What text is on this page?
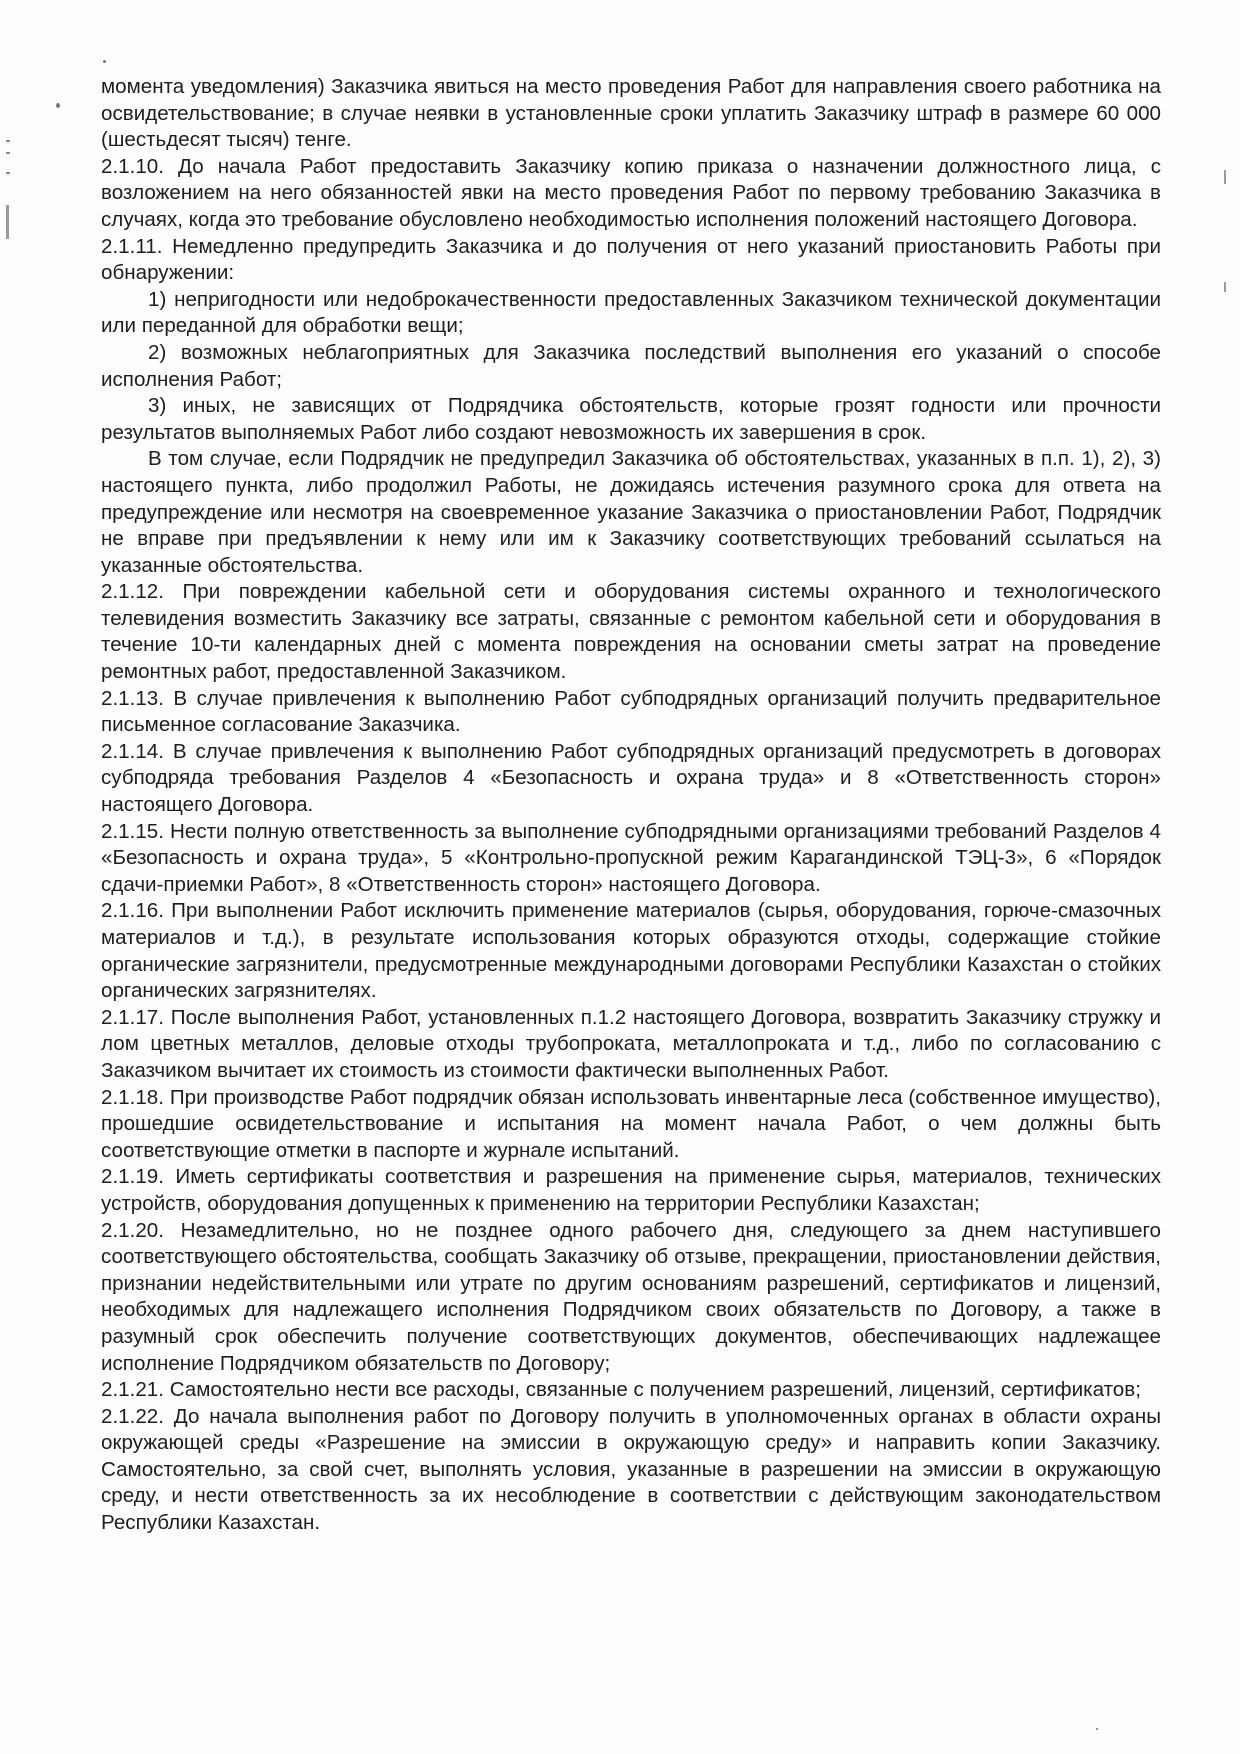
момента уведомления) Заказчика явиться на место проведения Работ для направления своего работника на освидетельствование; в случае неявки в установленные сроки уплатить Заказчику штраф в размере 60 000 (шестьдесят тысяч) тенге.

2.1.10. До начала Работ предоставить Заказчику копию приказа о назначении должностного лица, с возложением на него обязанностей явки на место проведения Работ по первому требованию Заказчика в случаях, когда это требование обусловлено необходимостью исполнения положений настоящего Договора.

2.1.11. Немедленно предупредить Заказчика и до получения от него указаний приостановить Работы при обнаружении:

1) непригодности или недоброкачественности предоставленных Заказчиком технической документации или переданной для обработки вещи;

2) возможных неблагоприятных для Заказчика последствий выполнения его указаний о способе исполнения Работ;

3) иных, не зависящих от Подрядчика обстоятельств, которые грозят годности или прочности результатов выполняемых Работ либо создают невозможность их завершения в срок.

В том случае, если Подрядчик не предупредил Заказчика об обстоятельствах, указанных в п.п. 1), 2), 3) настоящего пункта, либо продолжил Работы, не дожидаясь истечения разумного срока для ответа на предупреждение или несмотря на своевременное указание Заказчика о приостановлении Работ, Подрядчик не вправе при предъявлении к нему или им к Заказчику соответствующих требований ссылаться на указанные обстоятельства.

2.1.12. При повреждении кабельной сети и оборудования системы охранного и технологического телевидения возместить Заказчику все затраты, связанные с ремонтом кабельной сети и оборудования в течение 10-ти календарных дней с момента повреждения на основании сметы затрат на проведение ремонтных работ, предоставленной Заказчиком.

2.1.13. В случае привлечения к выполнению Работ субподрядных организаций получить предварительное письменное согласование Заказчика.

2.1.14. В случае привлечения к выполнению Работ субподрядных организаций предусмотреть в договорах субподряда требования Разделов 4 «Безопасность и охрана труда» и 8 «Ответственность сторон» настоящего Договора.

2.1.15. Нести полную ответственность за выполнение субподрядными организациями требований Разделов 4 «Безопасность и охрана труда», 5 «Контрольно-пропускной режим Карагандинской ТЭЦ-3», 6 «Порядок сдачи-приемки Работ», 8 «Ответственность сторон» настоящего Договора.

2.1.16. При выполнении Работ исключить применение материалов (сырья, оборудования, горюче-смазочных материалов и т.д.), в результате использования которых образуются отходы, содержащие стойкие органические загрязнители, предусмотренные международными договорами Республики Казахстан о стойких органических загрязнителях.

2.1.17. После выполнения Работ, установленных п.1.2 настоящего Договора, возвратить Заказчику стружку и лом цветных металлов, деловые отходы трубопроката, металлопроката и т.д., либо по согласованию с Заказчиком вычитает их стоимость из стоимости фактически выполненных Работ.

2.1.18. При производстве Работ подрядчик обязан использовать инвентарные леса (собственное имущество), прошедшие освидетельствование и испытания на момент начала Работ, о чем должны быть соответствующие отметки в паспорте и журнале испытаний.

2.1.19. Иметь сертификаты соответствия и разрешения на применение сырья, материалов, технических устройств, оборудования допущенных к применению на территории Республики Казахстан;

2.1.20. Незамедлительно, но не позднее одного рабочего дня, следующего за днем наступившего соответствующего обстоятельства, сообщать Заказчику об отзыве, прекращении, приостановлении действия, признании недействительными или утрате по другим основаниям разрешений, сертификатов и лицензий, необходимых для надлежащего исполнения Подрядчиком своих обязательств по Договору, а также в разумный срок обеспечить получение соответствующих документов, обеспечивающих надлежащее исполнение Подрядчиком обязательств по Договору;

2.1.21. Самостоятельно нести все расходы, связанные с получением разрешений, лицензий, сертификатов;

2.1.22. До начала выполнения работ по Договору получить в уполномоченных органах в области охраны окружающей среды «Разрешение на эмиссии в окружающую среду» и направить копии Заказчику. Самостоятельно, за свой счет, выполнять условия, указанные в разрешении на эмиссии в окружающую среду, и нести ответственность за их несоблюдение в соответствии с действующим законодательством Республики Казахстан.
